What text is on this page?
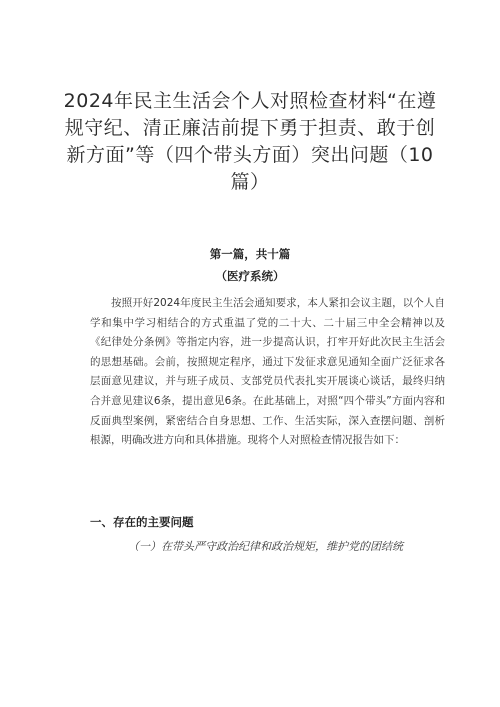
2024年民主生活会个人对照检查材料“在遵规守纪、清正廉洁前提下勇于担责、敢于创新方面”等（四个带头方面）突出问题（10篇）
第一篇，共十篇
（医疗系统）
按照开好2024年度民主生活会通知要求，本人紧扣会议主题，以个人自学和集中学习相结合的方式重温了党的二十大、二十届三中全会精神以及《纪律处分条例》等指定内容，进一步提高认识，打牢开好此次民主生活会的思想基础。会前，按照规定程序，通过下发征求意见通知全面广泛征求各层面意见建议，并与班子成员、支部党员代表扎实开展谈心谈话，最终归纳合并意见建议6条，提出意见6条。在此基础上，对照“四个带头”方面内容和反面典型案例，紧密结合自身思想、工作、生活实际，深入查摆问题、剖析根源，明确改进方向和具体措施。现将个人对照检查情况报告如下：
一、存在的主要问题
（一）在带头严守政治纪律和政治规矩，维护党的团结统
